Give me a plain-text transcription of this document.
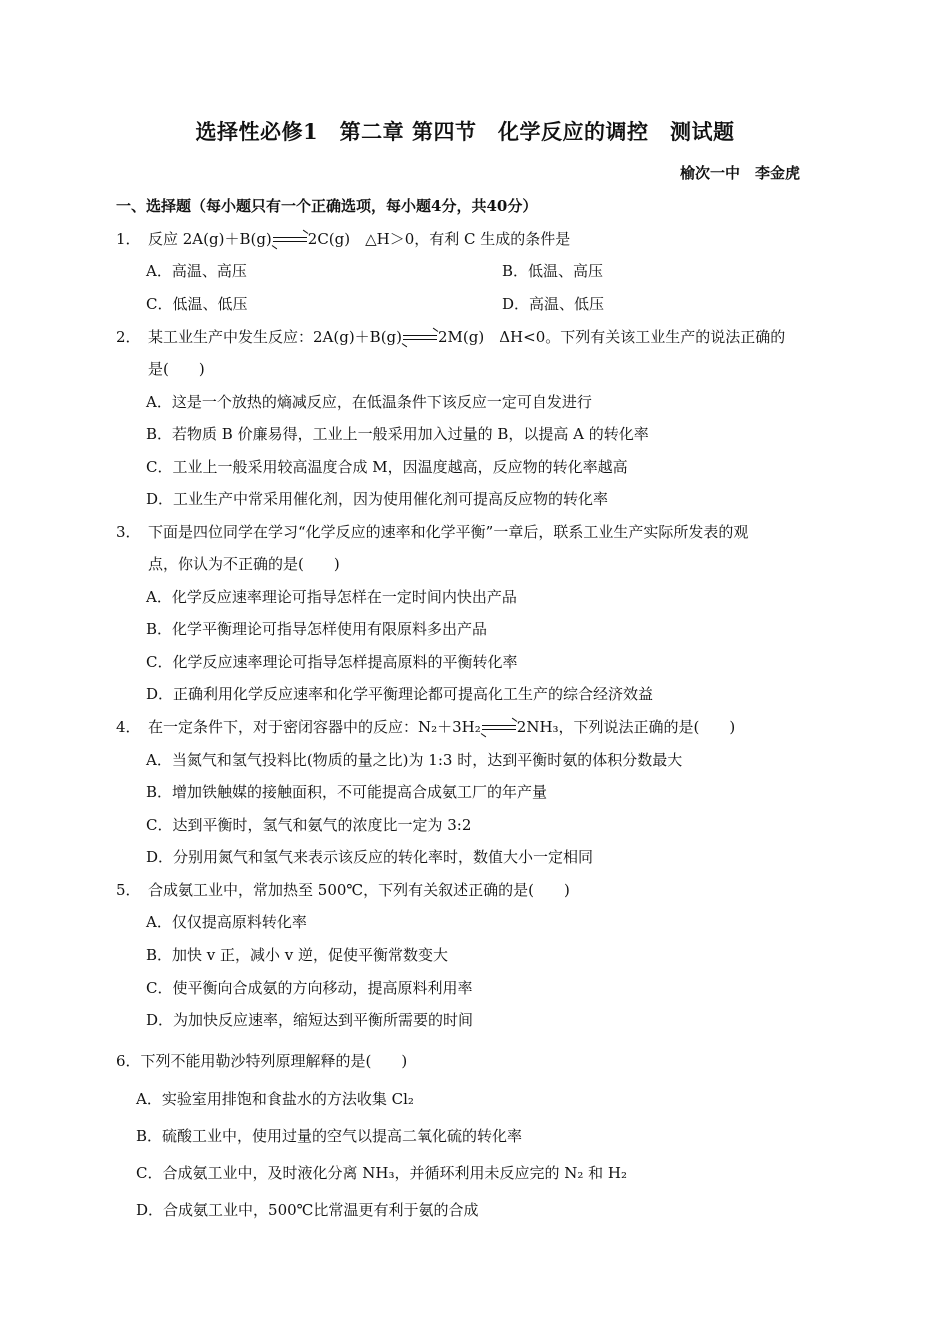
选择性必修1　第二章 第四节　化学反应的调控　测试题
榆次一中　李金虎
一、选择题（每小题只有一个正确选项，每小题4分，共40分）
1． 反应 2A(g)＋B(g) 2C(g)　△H＞0，有利 C 生成的条件是
A．高温、高压	B．低温、高压
C．低温、低压	D．高温、低压
2． 某工业生产中发生反应：2A(g)＋B(g) 2M(g)　ΔH<0。下列有关该工业生产的说法正确的
是(　　)
A．这是一个放热的熵减反应，在低温条件下该反应一定可自发进行
B．若物质 B 价廉易得，工业上一般采用加入过量的 B，以提高 A 的转化率
C．工业上一般采用较高温度合成 M，因温度越高，反应物的转化率越高
D．工业生产中常采用催化剂，因为使用催化剂可提高反应物的转化率
3． 下面是四位同学在学习“化学反应的速率和化学平衡”一章后，联系工业生产实际所发表的观
点，你认为不正确的是(　　)
A．化学反应速率理论可指导怎样在一定时间内快出产品
B．化学平衡理论可指导怎样使用有限原料多出产品
C．化学反应速率理论可指导怎样提高原料的平衡转化率
D．正确利用化学反应速率和化学平衡理论都可提高化工生产的综合经济效益
4． 在一定条件下，对于密闭容器中的反应：N₂＋3H₂ 2NH₃，下列说法正确的是(　　)
A．当氮气和氢气投料比(物质的量之比)为 1:3 时，达到平衡时氨的体积分数最大
B．增加铁触媒的接触面积，不可能提高合成氨工厂的年产量
C．达到平衡时，氢气和氨气的浓度比一定为 3:2
D．分别用氮气和氢气来表示该反应的转化率时，数值大小一定相同
5． 合成氨工业中，常加热至 500℃，下列有关叙述正确的是(　　)
A．仅仅提高原料转化率
B．加快 v 正，减小 v 逆，促使平衡常数变大
C．使平衡向合成氨的方向移动，提高原料利用率
D．为加快反应速率，缩短达到平衡所需要的时间
6．下列不能用勒沙特列原理解释的是(　　)
A．实验室用排饱和食盐水的方法收集 Cl₂
B．硫酸工业中，使用过量的空气以提高二氧化硫的转化率
C．合成氨工业中，及时液化分离 NH₃，并循环利用未反应完的 N₂ 和 H₂
D．合成氨工业中，500℃比常温更有利于氨的合成
